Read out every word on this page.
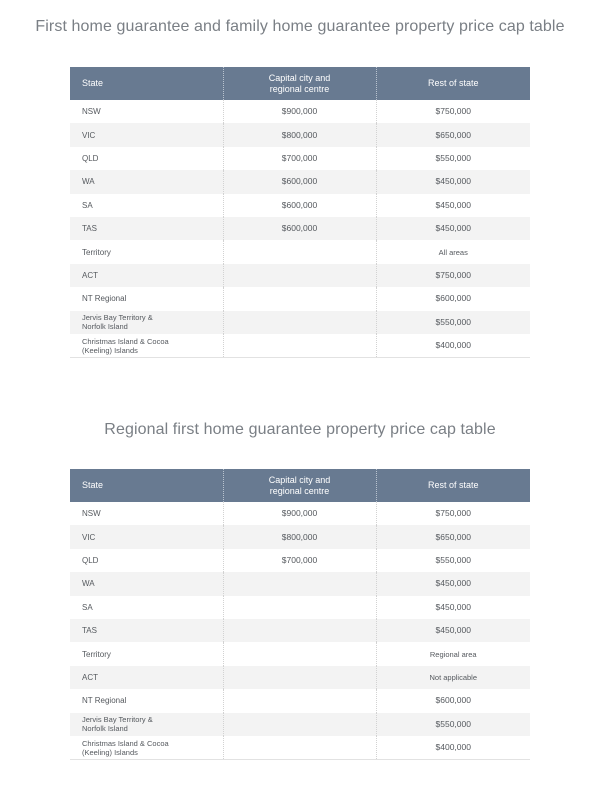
First home guarantee and family home guarantee property price cap table
State	Capital city and regional centre	Rest of state
NSW	$900,000	$750,000
VIC	$800,000	$650,000
QLD	$700,000	$550,000
WA	$600,000	$450,000
SA	$600,000	$450,000
TAS	$600,000	$450,000
Territory		All areas
ACT		$750,000
NT Regional		$600,000
Jervis Bay Territory & Norfolk Island		$550,000
Christmas Island & Cocoa (Keeling) Islands		$400,000
Regional first home guarantee property price cap table
State	Capital city and regional centre	Rest of state
NSW	$900,000	$750,000
VIC	$800,000	$650,000
QLD	$700,000	$550,000
WA		$450,000
SA		$450,000
TAS		$450,000
Territory		Regional area
ACT		Not applicable
NT Regional		$600,000
Jervis Bay Territory & Norfolk Island		$550,000
Christmas Island & Cocoa (Keeling) Islands		$400,000
